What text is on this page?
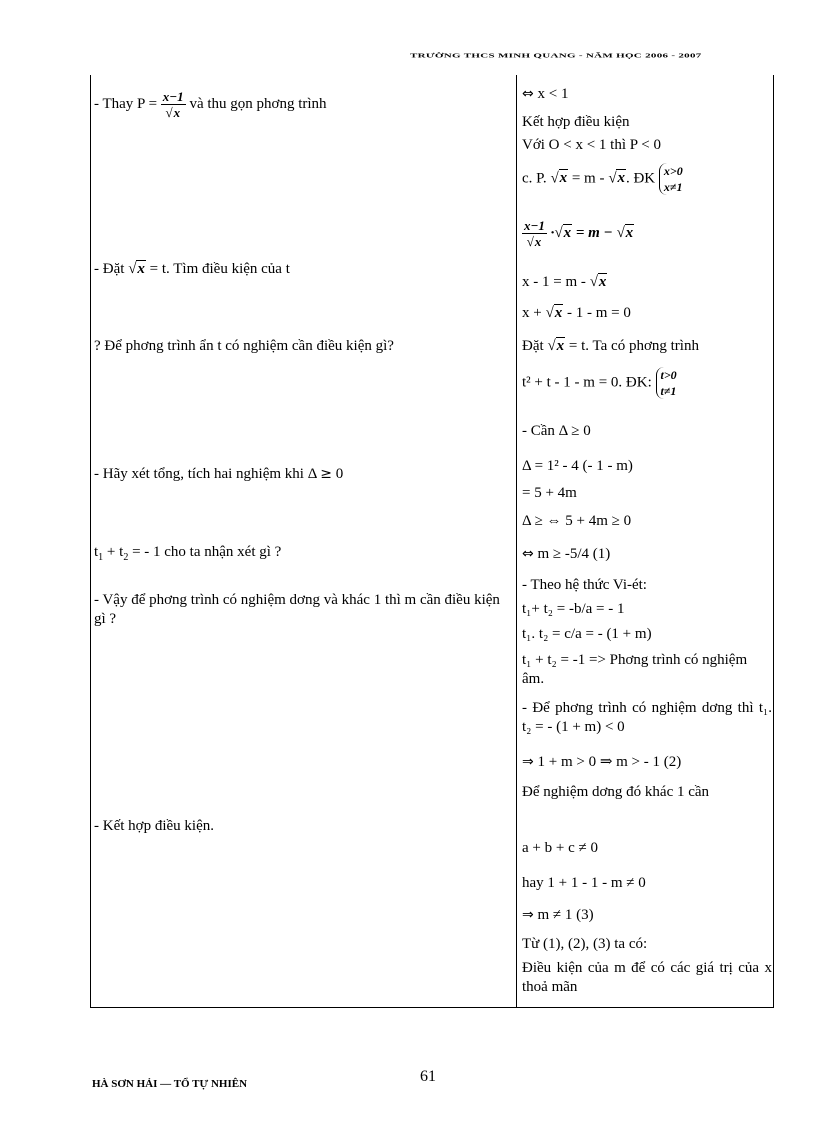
TRƯỜNG THCS MINH QUANG - NĂM HỌC 2006 - 2007
- Thay $P = \frac{x-1}{√x}$ và thu gọn phơng trình
- Đặt √x = t. Tìm điều kiện của t
? Để phơng trình ẩn t có nghiệm cần điều kiện gì?
- Hãy xét tổng, tích hai nghiệm khi Δ ≥ 0
$t_1 + t_2$ = - 1 cho ta nhận xét gì ?
- Vậy để phơng trình có nghiệm dơng và khác 1 thì m cần điều kiện gì ?
- Kết hợp điều kiện.
⇔ x < 1
Kết hợp điều kiện
Với O < x < 1 thì P < 0
c. P. √x = m - √x. ĐK x>0
x≠1
$\frac{x-1}{√x} \cdot√x = m - √x$
x - 1 = m - √x
x + √x - 1 - m = 0
Đặt √x = t. Ta có phơng trình
t² + t - 1 - m = 0. ĐK: t>0
t≠1
- Cần Δ ≥ 0
Δ = 1² - 4 (- 1 - m)
= 5 + 4m
Δ ≥ ⇔ 5 + 4m ≥ 0
⇔ m ≥ -5/4 (1)
- Theo hệ thức Vi-ét:
t₁+ t₂ = -b/a = - 1
t₁. t₂ = c/a = - (1 + m)
t₁ + t₂ = -1 => Phơng trình có nghiệm âm.
- Để phơng trình có nghiệm dơng thì t₁. t₂ = - (1 + m) < 0
⇒ 1 + m > 0 ⇒ m > - 1 (2)
Để nghiệm dơng đó khác 1 cần
a + b + c ≠ 0
hay 1 + 1 - 1 - m ≠ 0
⇒ m ≠ 1 (3)
Từ (1), (2), (3) ta có:
Điều kiện của m để có các giá trị của x thoả mãn
HÀ SƠN HẢI — TỔ TỰ NHIÊN	61
